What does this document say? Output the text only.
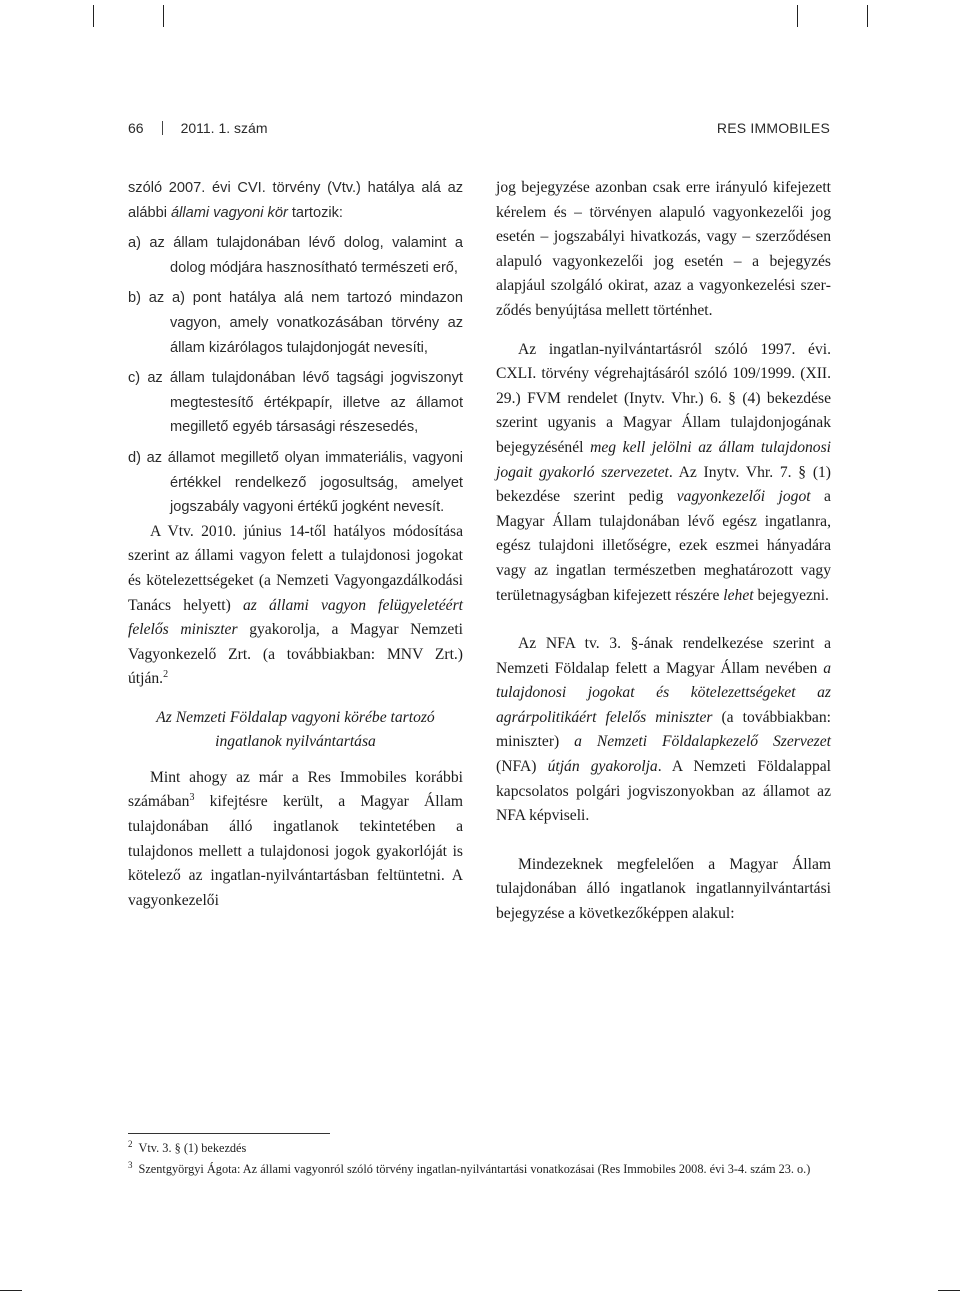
66	2011. 1. szám	RES IMMOBILES

szóló 2007. évi CVI. törvény (Vtv.) hatálya alá az alábbi állami vagyoni kör tartozik:

a) az állam tulajdonában lévő dolog, valamint a dolog módjára hasznosítható természeti erő,

b) az a) pont hatálya alá nem tartozó mindazon vagyon, amely vonatkozásában törvény az állam kizárólagos tulajdonjogát nevesíti,

c) az állam tulajdonában lévő tagsági jogviszonyt megtestesítő értékpapír, illetve az államot megillető egyéb társasági részesedés,

d) az államot megillető olyan immateriális, vagyoni értékkel rendelkező jogosultság, amelyet jogszabály vagyoni értékű jogként nevesít.

A Vtv. 2010. június 14-től hatályos módosítása szerint az állami vagyon felett a tulajdonosi jogokat és kötelezettségeket (a Nemzeti Vagyongazdálkodási Tanács helyett) az állami vagyon felügyeletéért felelős miniszter gyakorolja, a Magyar Nemzeti Vagyonkezelő Zrt. (a továbbiakban: MNV Zrt.) útján.$^2$

Az Nemzeti Földalap vagyoni körébe tartozó
ingatlanok nyilvántartása

Mint ahogy az már a Res Immobiles korábbi számában$^3$ kifejtésre került, a Magyar Állam tulajdonában álló ingatlanok tekintetében a tulajdonos mellett a tulajdonosi jogok gyakorlóját is kötelező az ingatlan-nyilvántartásban feltüntetni. A vagyonkezelői

jog bejegyzése azonban csak erre irányuló kifejezett kérelem és – törvényen alapuló vagyonkezelői jog esetén – jogszabályi hivatkozás, vagy – szerződésen alapuló vagyonkezelői jog esetén – a bejegyzés alapjául szolgáló okirat, azaz a vagyonkezelési szerződés benyújtása mellett történhet.

Az ingatlan-nyilvántartásról szóló 1997. évi. CXLI. törvény végrehajtásáról szóló 109/1999. (XII. 29.) FVM rendelet (Inytv. Vhr.) 6. § (4) bekezdése szerint ugyanis a Magyar Állam tulajdonjogának bejegyzésénél meg kell jelölni az állam tulajdonosi jogait gyakorló szervezetet. Az Inytv. Vhr. 7. § (1) bekezdése szerint pedig vagyonkezelői jogot a Magyar Állam tulajdonában lévő egész ingatlanra, egész tulajdoni illetőségre, ezek eszmei hányadára vagy az ingatlan természetben meghatározott vagy területnagyságban kifejezett részére lehet bejegyezni.

Az NFA tv. 3. §-ának rendelkezése szerint a Nemzeti Földalap felett a Magyar Állam nevében a tulajdonosi jogokat és kötelezettségeket az agrárpolitikáért felelős miniszter (a továbbiakban: miniszter) a Nemzeti Földalapkezelő Szervezet (NFA) útján gyakorolja. A Nemzeti Földalappal kapcsolatos polgári jogviszonyokban az államot az NFA képviseli.

Mindezeknek megfelelően a Magyar Állam tulajdonában álló ingatlanok ingatlannyilvántartási bejegyzése a következőképpen alakul:

$^2$ Vtv. 3. § (1) bekezdés

$^3$ Szentgyörgyi Ágota: Az állami vagyonról szóló törvény ingatlan-nyilvántartási vonatkozásai (Res Immobiles 2008. évi 3-4. szám 23. o.)
